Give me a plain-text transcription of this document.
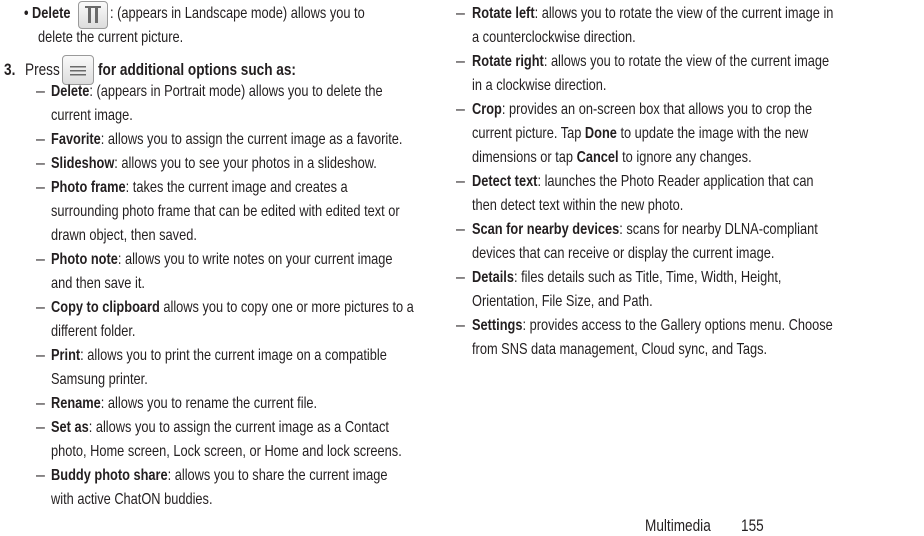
• Delete	: (appears in Landscape mode) allows you to
delete the current picture.
3. Press	for additional options such as:
– Delete: (appears in Portrait mode) allows you to delete the
current image.
– Favorite: allows you to assign the current image as a favorite.
– Slideshow: allows you to see your photos in a slideshow.
– Photo frame: takes the current image and creates a
surrounding photo frame that can be edited with edited text or
drawn object, then saved.
– Photo note: allows you to write notes on your current image
and then save it.
– Copy to clipboard allows you to copy one or more pictures to a
different folder.
– Print: allows you to print the current image on a compatible
Samsung printer.
– Rename: allows you to rename the current file.
– Set as: allows you to assign the current image as a Contact
photo, Home screen, Lock screen, or Home and lock screens.
– Buddy photo share: allows you to share the current image
with active ChatON buddies.
– Rotate left: allows you to rotate the view of the current image in
a counterclockwise direction.
– Rotate right: allows you to rotate the view of the current image
in a clockwise direction.
– Crop: provides an on-screen box that allows you to crop the
current picture. Tap Done to update the image with the new
dimensions or tap Cancel to ignore any changes.
– Detect text: launches the Photo Reader application that can
then detect text within the new photo.
– Scan for nearby devices: scans for nearby DLNA-compliant
devices that can receive or display the current image.
– Details: files details such as Title, Time, Width, Height,
Orientation, File Size, and Path.
– Settings: provides access to the Gallery options menu. Choose
from SNS data management, Cloud sync, and Tags.
Multimedia	155
